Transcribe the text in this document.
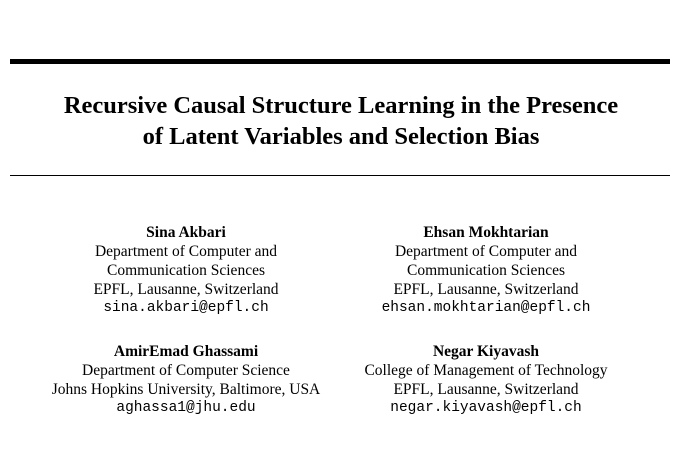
Recursive Causal Structure Learning in the Presence
of Latent Variables and Selection Bias
Sina Akbari
Department of Computer and
Communication Sciences
EPFL, Lausanne, Switzerland
sina.akbari@epfl.ch
Ehsan Mokhtarian
Department of Computer and
Communication Sciences
EPFL, Lausanne, Switzerland
ehsan.mokhtarian@epfl.ch
AmirEmad Ghassami
Department of Computer Science
Johns Hopkins University, Baltimore, USA
aghassa1@jhu.edu
Negar Kiyavash
College of Management of Technology
EPFL, Lausanne, Switzerland
negar.kiyavash@epfl.ch
